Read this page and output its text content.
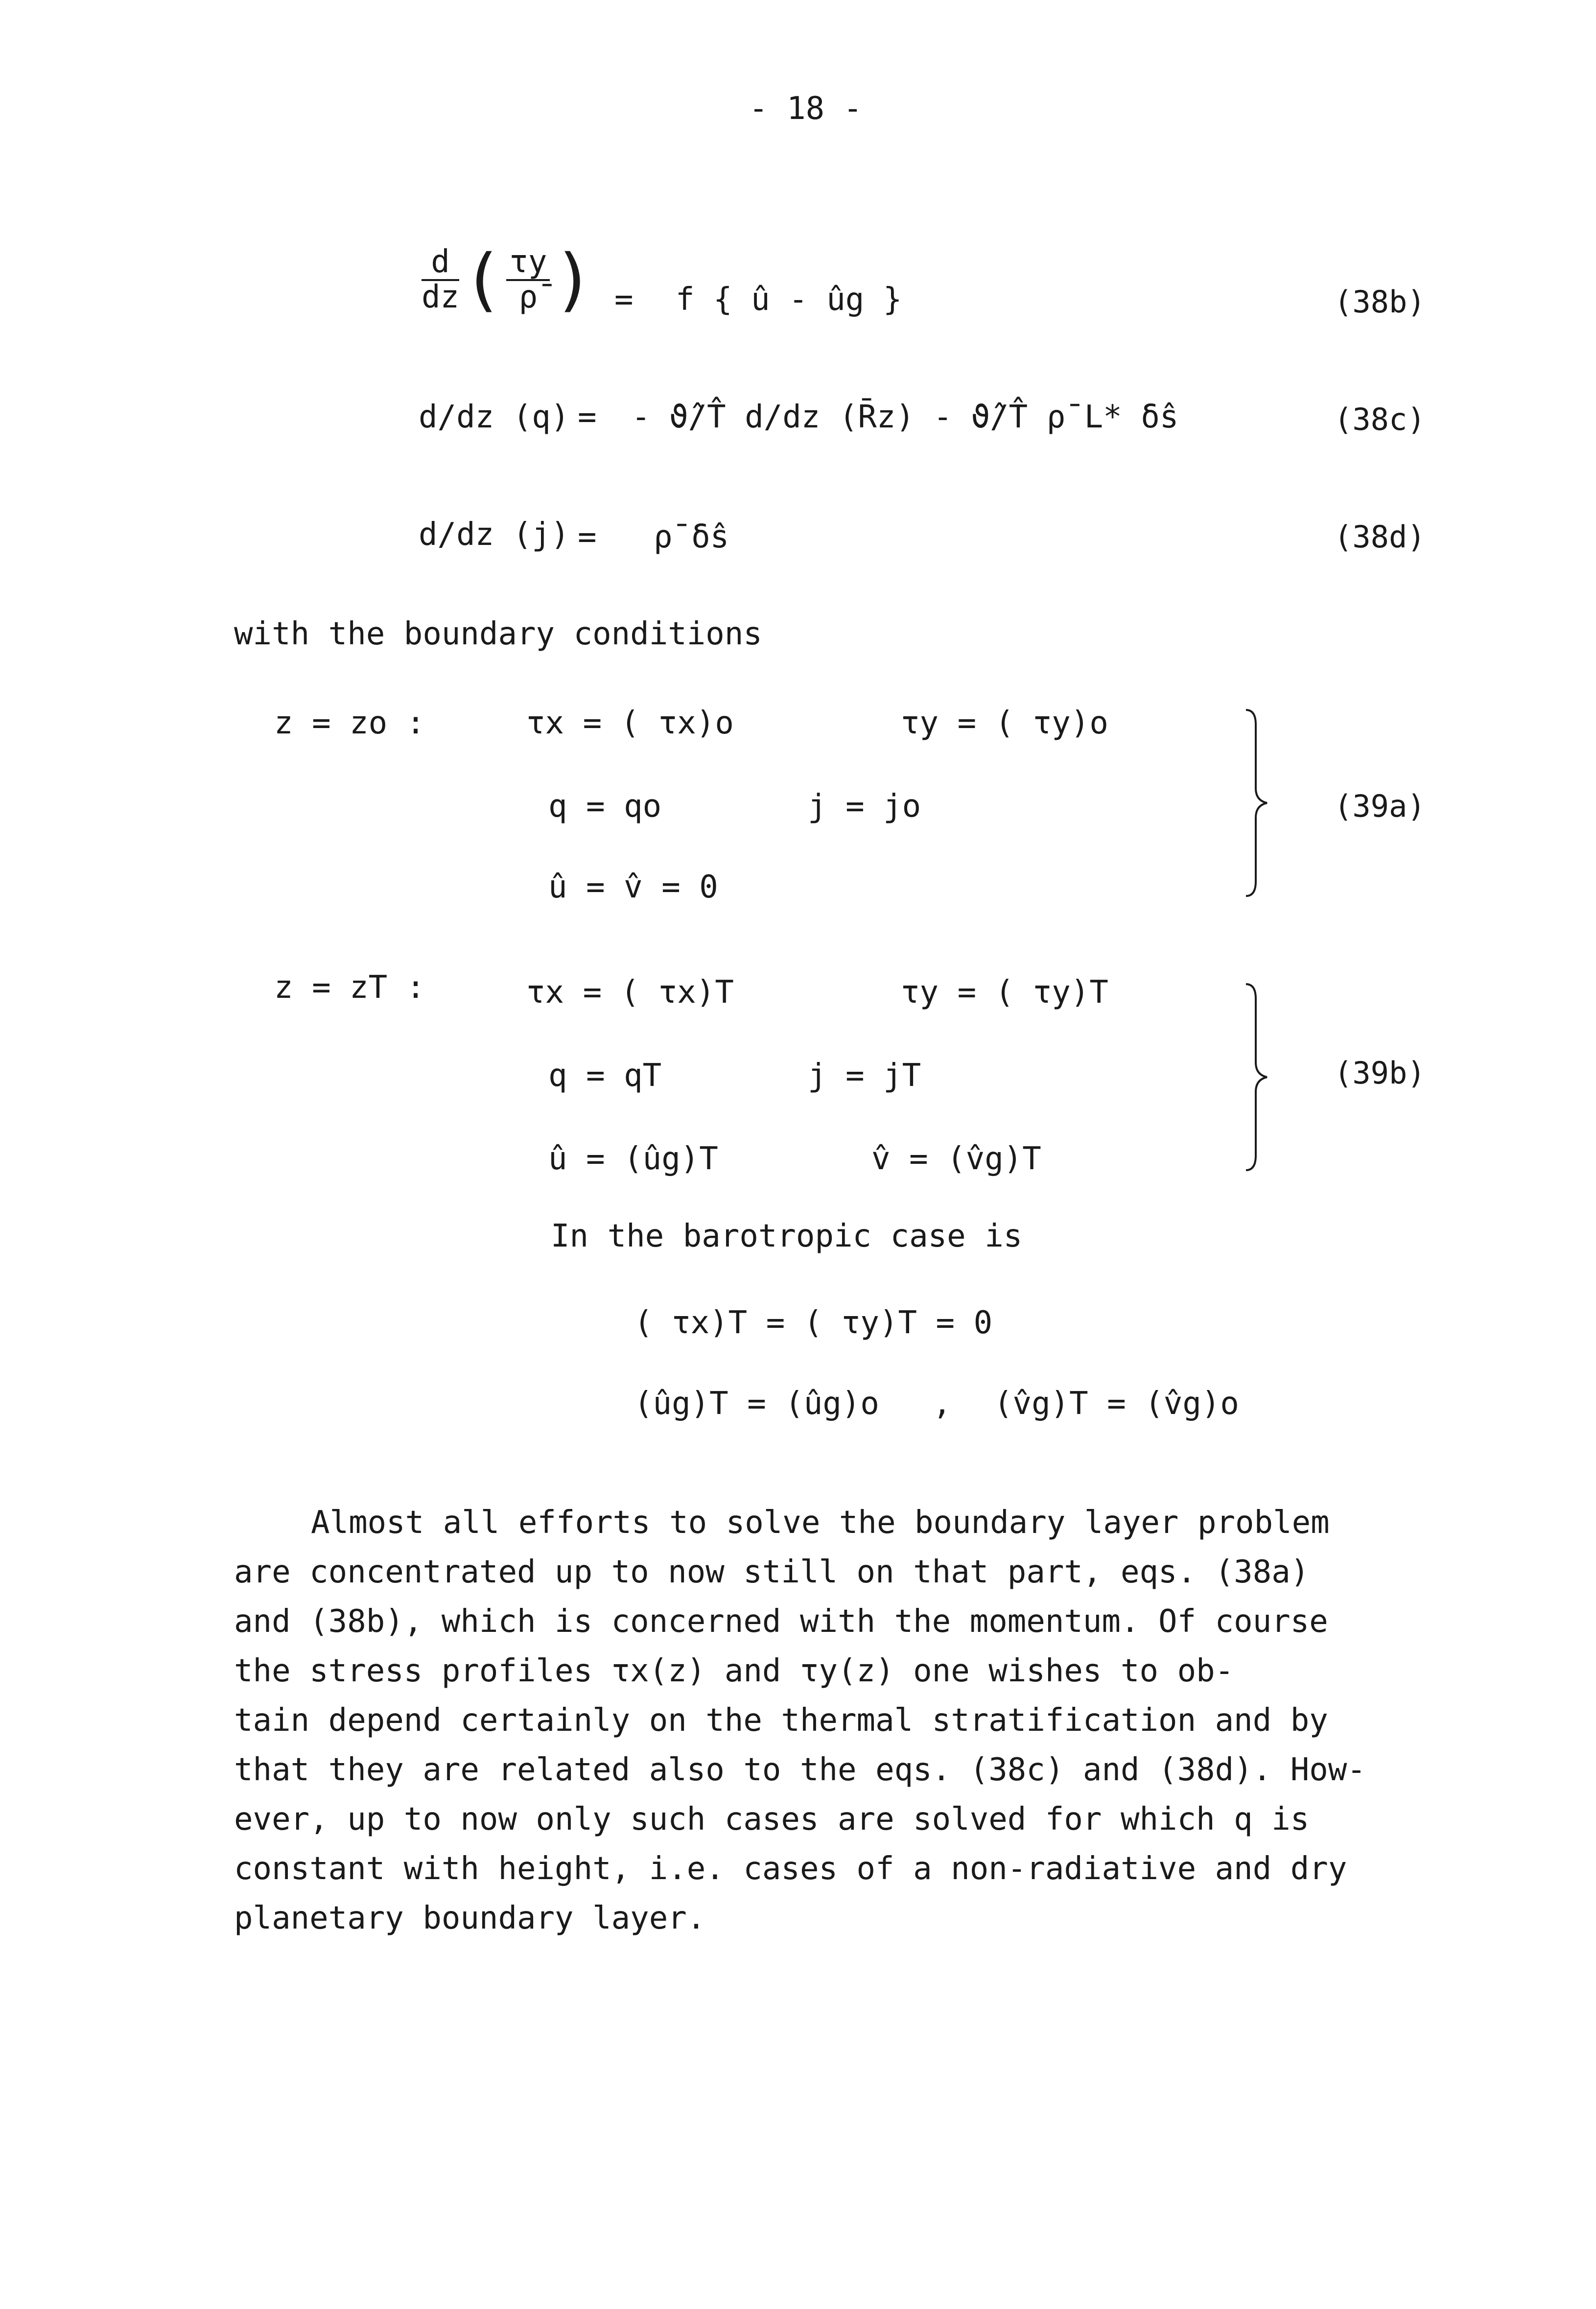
- 18 -
$\frac{d}{dz}$ ( $\frac{\tau y}{\rhō}$ ) = f { û - ûg }	(38b)
d/dz (q) = - ϑ̂/T̂ d/dz (R̄z) - ϑ̂/T̂ ρ̄ L* δŝ	(38c)
d/dz (j) = ρ̄ δŝ	(38d)
with the boundary conditions
z = zo :	τx = ( τx)o	τy = ( τy)o
q = qo	j = jo
û = v̂ = 0
(39a)
z = zT :	τx = ( τx)T	τy = ( τy)T
q = qT	j = jT
û = (ûg)T	v̂ = (v̂g)T
(39b)
In the barotropic case is
( τx)T = ( τy)T = 0
(ûg)T = (ûg)o	(v̂g)T = (v̂g)o
,
Almost all efforts to solve the boundary layer problem
are concentrated up to now still on that part, eqs. (38a)
and (38b), which is concerned with the momentum. Of course
the stress profiles τx(z) and τy(z) one wishes to ob-
tain depend certainly on the thermal stratification and by
that they are related also to the eqs. (38c) and (38d). How-
ever, up to now only such cases are solved for which q is
constant with height, i.e. cases of a non-radiative and dry
planetary boundary layer.
